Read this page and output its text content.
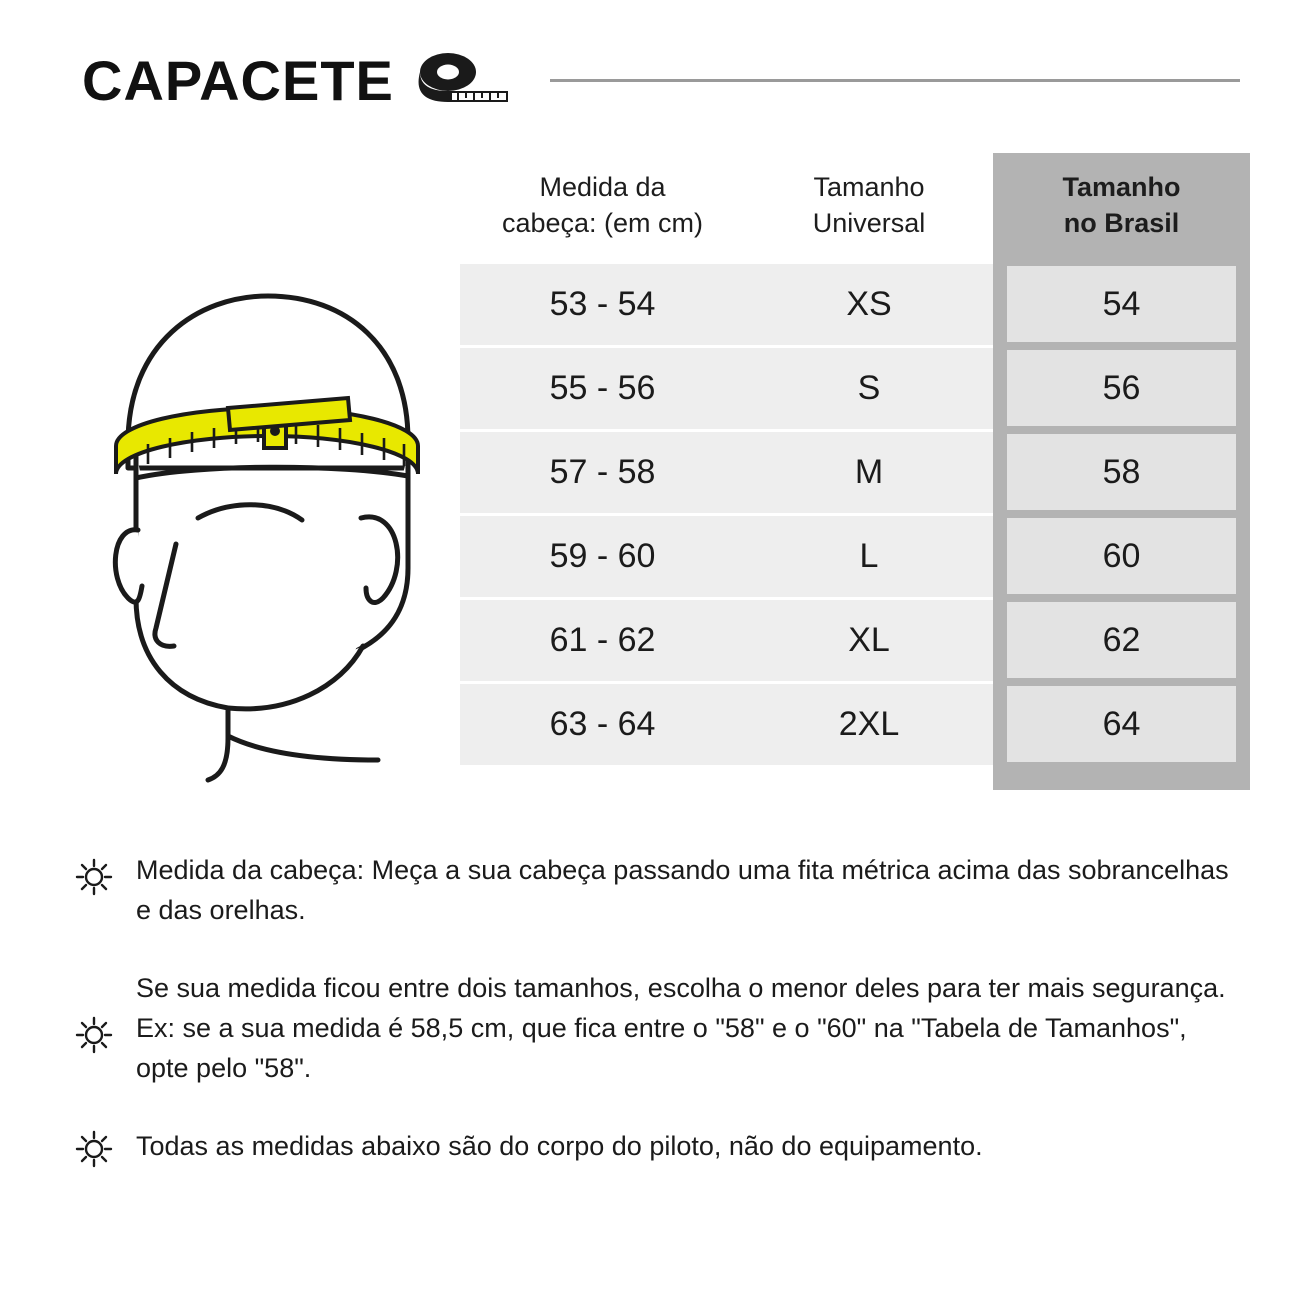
CAPACETE
Medida da
cabeça: (em cm)

Tamanho
Universal

Tamanho
no Brasil

53 - 54	XS	54

55 - 56	S	56

57 - 58	M	58

59 - 60	L	60

61 - 62	XL	62

63 - 64	2XL	64

Medida da cabeça: Meça a sua cabeça passando uma fita métrica acima das sobrancelhas e das orelhas.
Se sua medida ficou entre dois tamanhos, escolha o menor deles para ter mais segurança. Ex: se a sua medida é 58,5 cm, que fica entre o "58" e o "60" na "Tabela de Tamanhos", opte pelo "58".
Todas as medidas abaixo são do corpo do piloto, não do equipamento.
